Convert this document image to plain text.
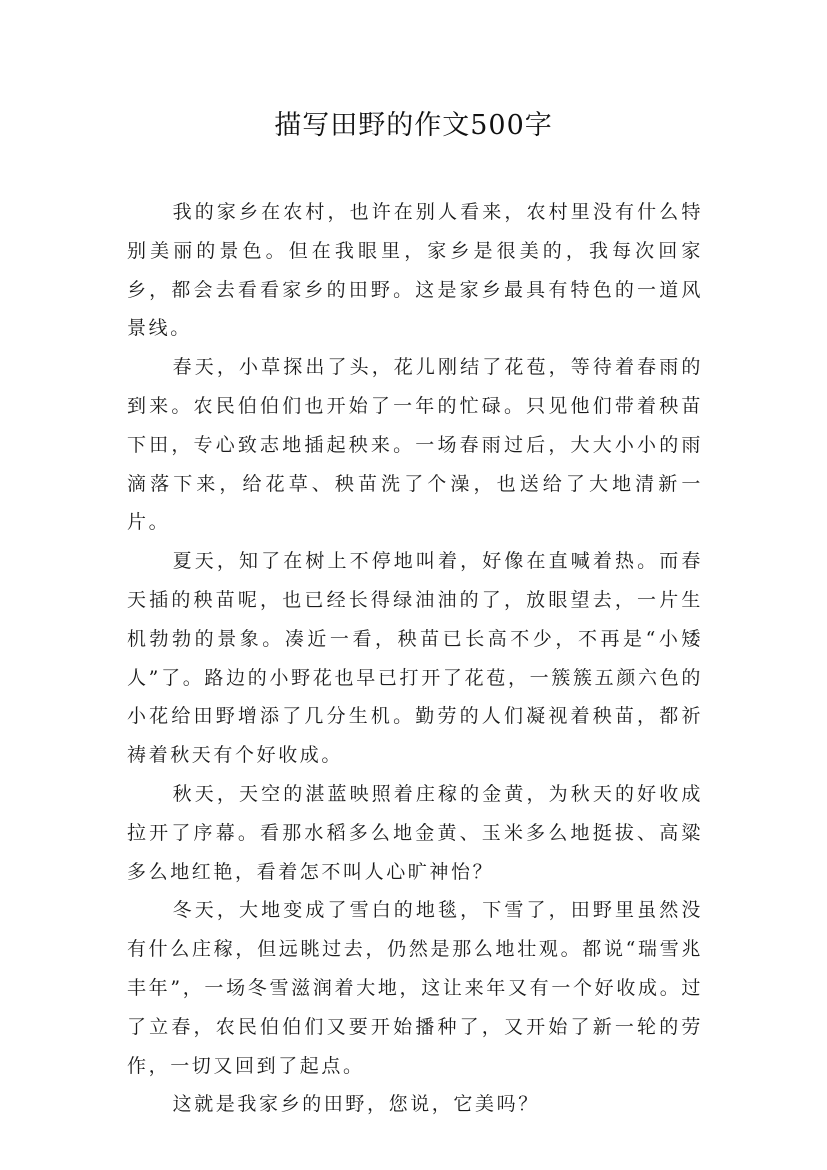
描写田野的作文500字

我的家乡在农村，也许在别人看来，农村里没有什么特别美丽的景色。但在我眼里，家乡是很美的，我每次回家乡，都会去看看家乡的田野。这是家乡最具有特色的一道风景线。

春天，小草探出了头，花儿刚结了花苞，等待着春雨的到来。农民伯伯们也开始了一年的忙碌。只见他们带着秧苗下田，专心致志地插起秧来。一场春雨过后，大大小小的雨滴落下来，给花草、秧苗洗了个澡，也送给了大地清新一片。

夏天，知了在树上不停地叫着，好像在直喊着热。而春天插的秧苗呢，也已经长得绿油油的了，放眼望去，一片生机勃勃的景象。凑近一看，秧苗已长高不少，不再是“小矮人”了。路边的小野花也早已打开了花苞，一簇簇五颜六色的小花给田野增添了几分生机。勤劳的人们凝视着秧苗，都祈祷着秋天有个好收成。

秋天，天空的湛蓝映照着庄稼的金黄，为秋天的好收成拉开了序幕。看那水稻多么地金黄、玉米多么地挺拔、高粱多么地红艳，看着怎不叫人心旷神怡？

冬天，大地变成了雪白的地毯，下雪了，田野里虽然没有什么庄稼，但远眺过去，仍然是那么地壮观。都说“瑞雪兆丰年”，一场冬雪滋润着大地，这让来年又有一个好收成。过了立春，农民伯伯们又要开始播种了，又开始了新一轮的劳作，一切又回到了起点。

这就是我家乡的田野，您说，它美吗？
